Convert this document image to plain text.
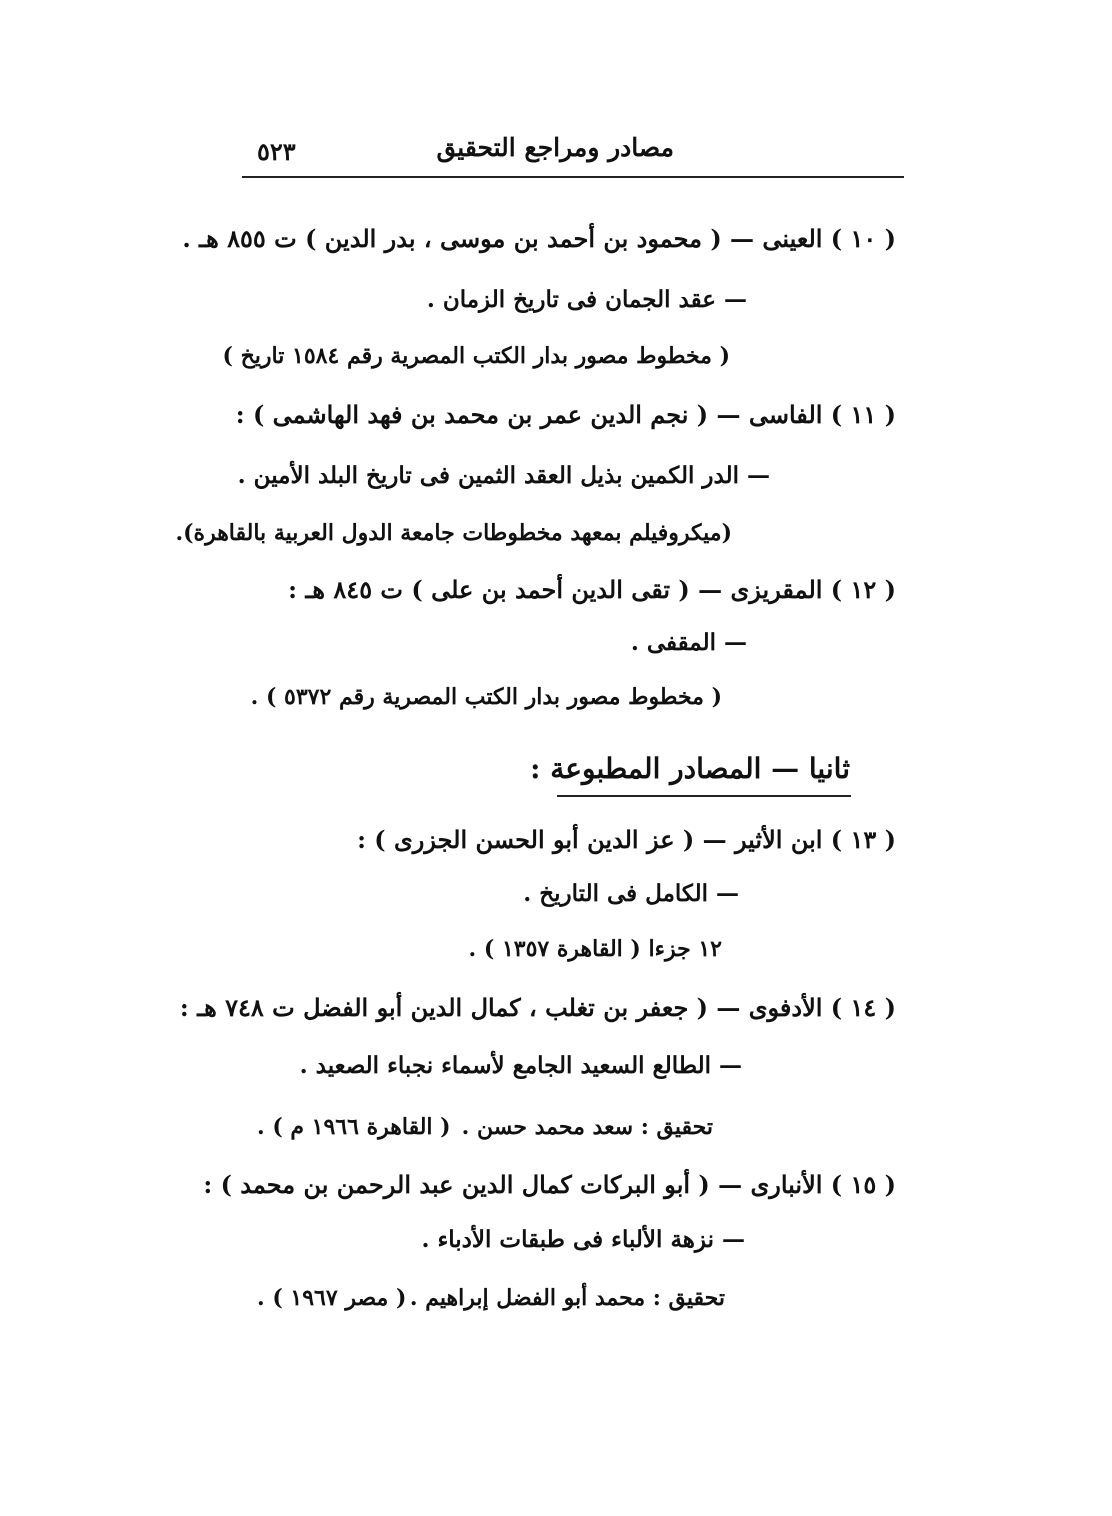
مصادر ومراجع التحقيق
٥٢٣
( ١٠ ) العينى — ( محمود بن أحمد بن موسى ، بدر الدين ) ت ٨٥٥ هـ .
— عقد الجمان فى تاريخ الزمان .
( مخطوط مصور بدار الكتب المصرية رقم ١٥٨٤ تاريخ )
( ١١ ) الفاسى — ( نجم الدين عمر بن محمد بن فهد الهاشمى ) :
— الدر الكمين بذيل العقد الثمين فى تاريخ البلد الأمين .
(ميكروفيلم بمعهد مخطوطات جامعة الدول العربية بالقاهرة).
( ١٢ ) المقريزى — ( تقى الدين أحمد بن على ) ت ٨٤٥ هـ :
— المقفى .
( مخطوط مصور بدار الكتب المصرية رقم ٥٣٧٢ ) .
ثانيا — المصادر المطبوعة :
( ١٣ ) ابن الأثير — ( عز الدين أبو الحسن الجزرى ) :
— الكامل فى التاريخ .
١٢ جزءا ( القاهرة ١٣٥٧ ) .
( ١٤ ) الأدفوى — ( جعفر بن تغلب ، كمال الدين أبو الفضل ت ٧٤٨ هـ :
— الطالع السعيد الجامع لأسماء نجباء الصعيد .
تحقيق : سعد محمد حسن .
( القاهرة ١٩٦٦ م ) .
( ١٥ ) الأنبارى — ( أبو البركات كمال الدين عبد الرحمن بن محمد ) :
— نزهة الألباء فى طبقات الأدباء .
تحقيق : محمد أبو الفضل إبراهيم .
( مصر ١٩٦٧ ) .
